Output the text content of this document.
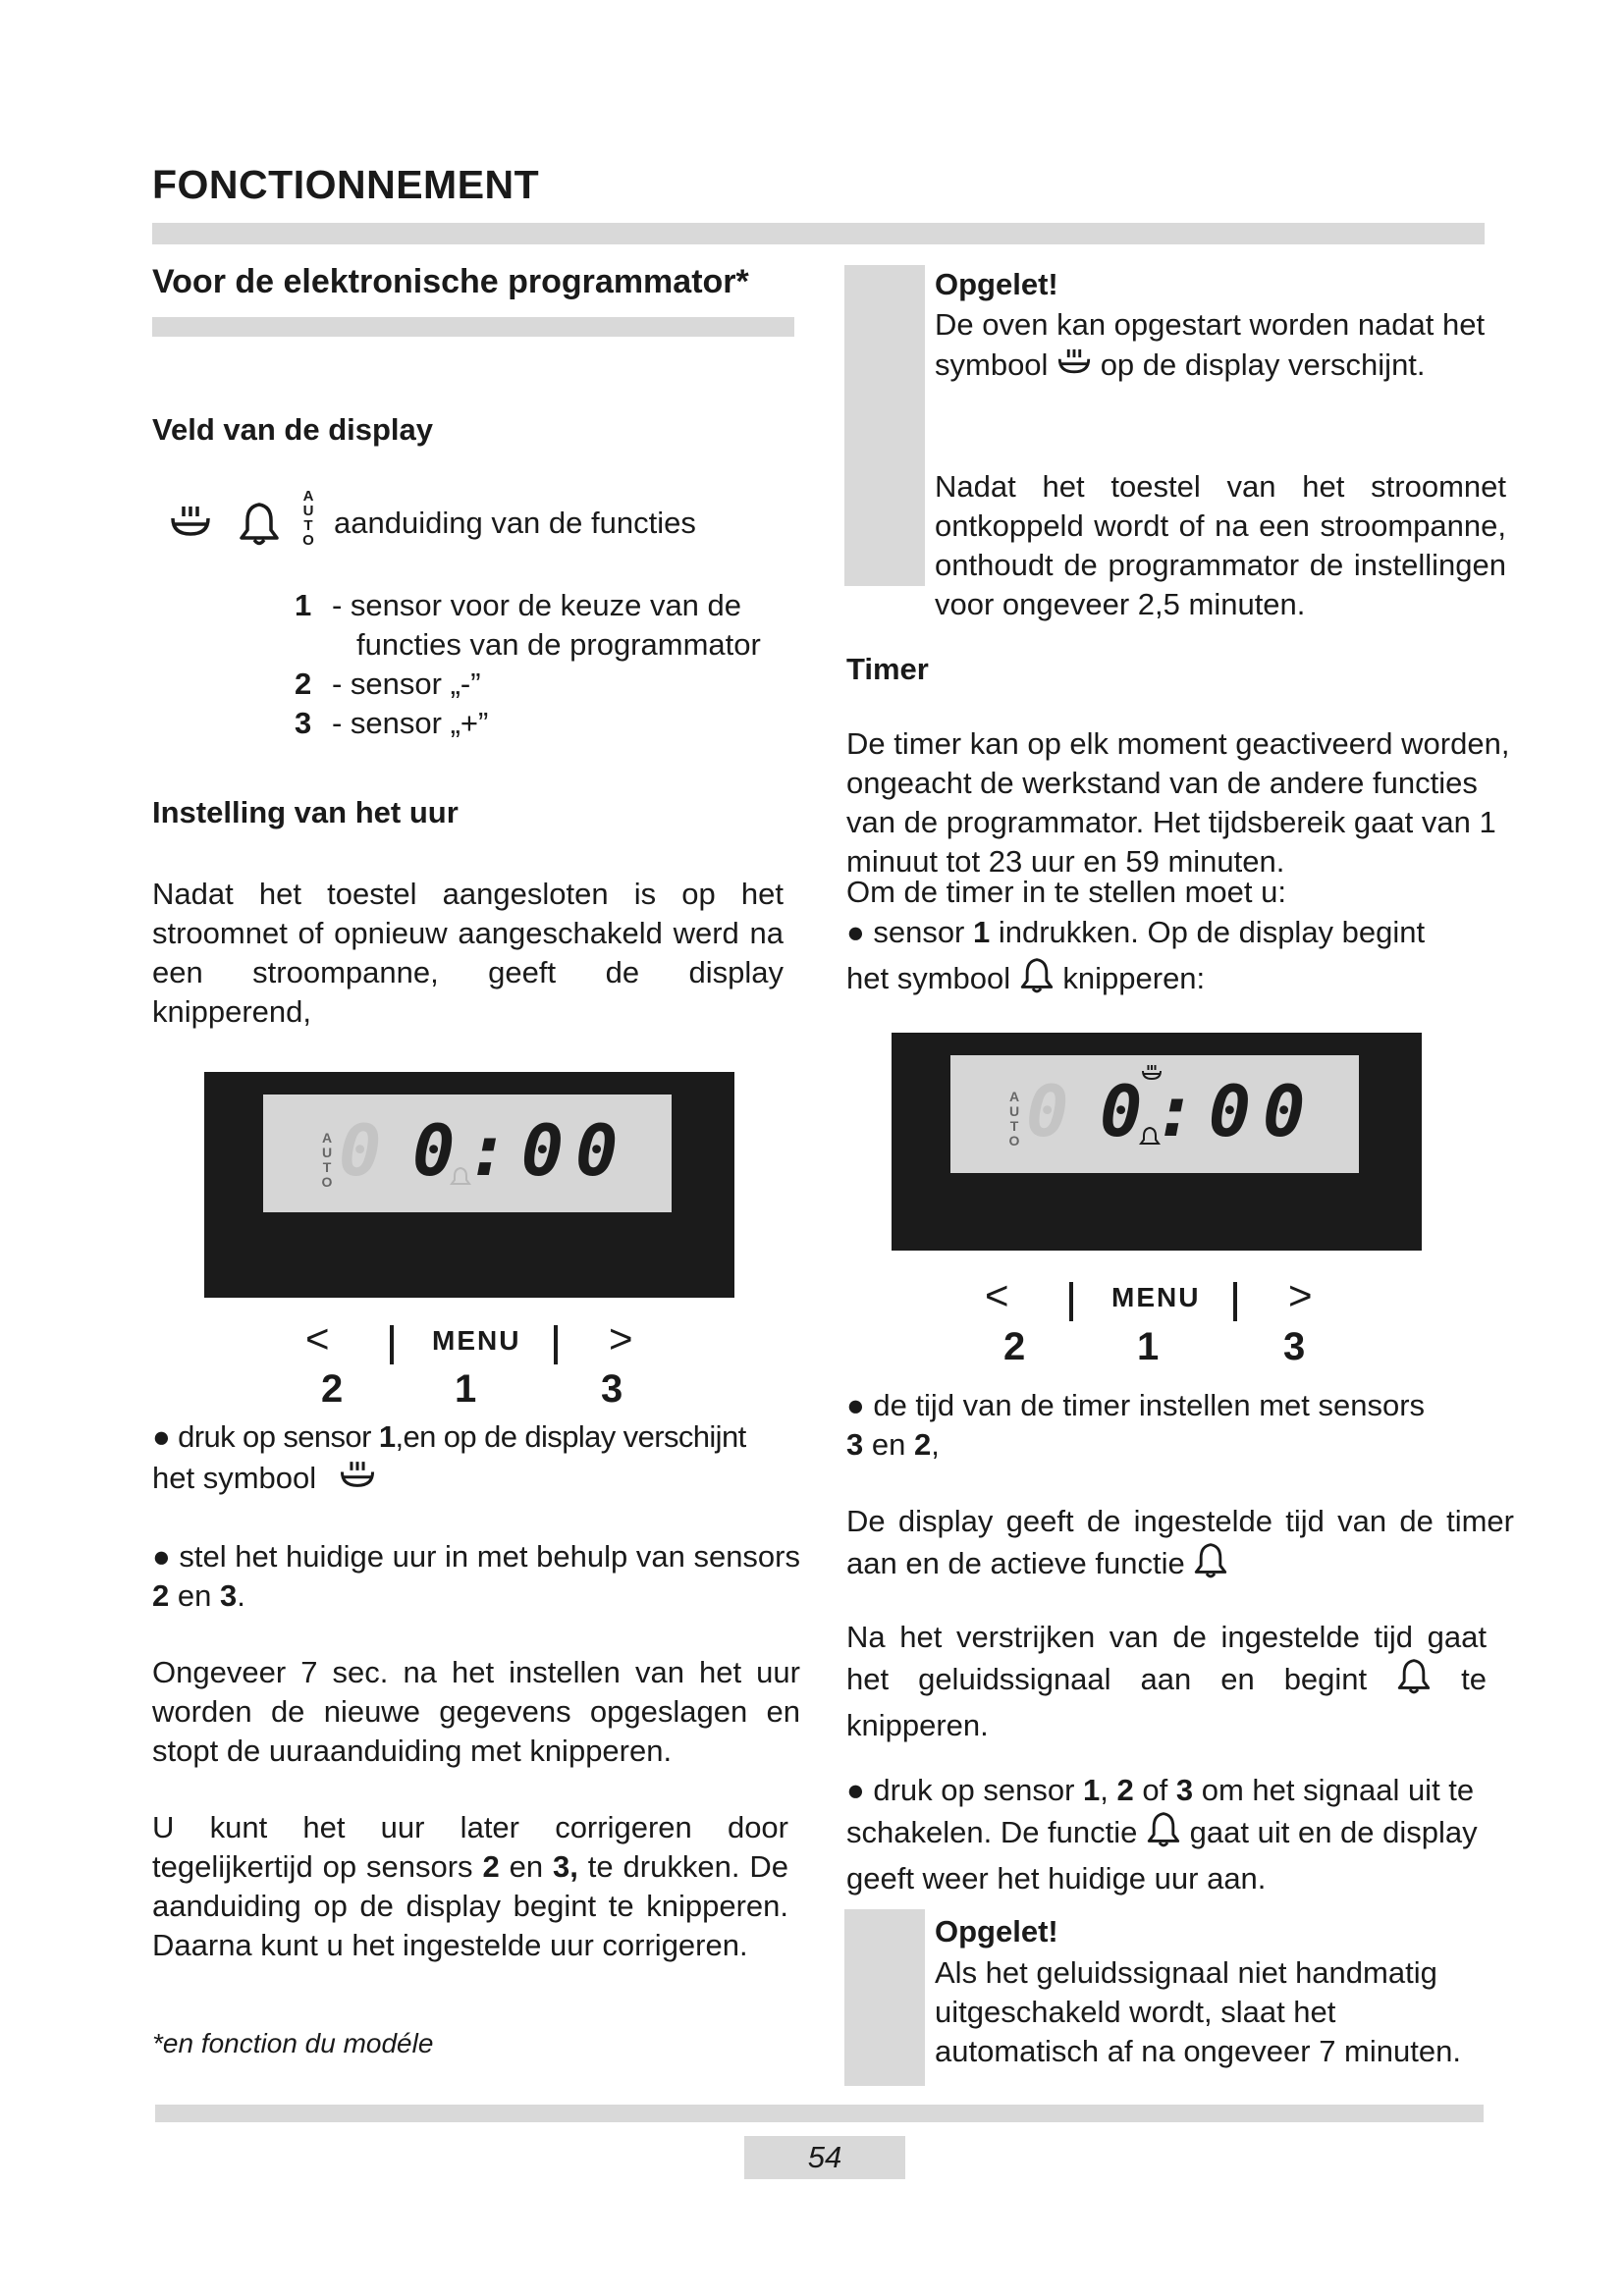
FONCTIONNEMENT
Voor de elektronische programmator*
Veld van de display
A
U
T
O
aanduiding van de functies
1 - sensor voor de keuze van de
functies van de programmator
2 - sensor „-”
3 - sensor „+”
Instelling van het uur
Nadat het toestel aangesloten is op het stroomnet of opnieuw aangeschakeld werd na een stroompanne, geeft de display knipperend,
A
U
T
O 0 0:00
<	MENU >
2	1	3
● druk op sensor 1,en op de display verschijnt
het symbool
● stel het huidige uur in met behulp van sensors 2 en 3.
Ongeveer 7 sec. na het instellen van het uur worden de nieuwe gegevens opgeslagen en stopt de uuraanduiding met knipperen.
U kunt het uur later corrigeren door tegelijkertijd op sensors 2 en 3, te drukken. De aanduiding op de display begint te knipperen. Daarna kunt u het ingestelde uur corrigeren.
*en fonction du modéle
Opgelet!
De oven kan opgestart worden nadat het symbool op de display verschijnt.
Nadat het toestel van het stroomnet ontkoppeld wordt of na een stroompanne, onthoudt de programmator de instellingen voor ongeveer 2,5 minuten.
Timer
De timer kan op elk moment geactiveerd worden, ongeacht de werkstand van de andere functies van de programmator. Het tijdsbereik gaat van 1 minuut tot 23 uur en 59 minuten.
Om de timer in te stellen moet u:
● sensor 1 indrukken. Op de display begint
het symbool knipperen:
A
U
T
O 0 0:00
<	MENU >
2	1	3
● de tijd van de timer instellen met sensors
3 en 2,
De display geeft de ingestelde tijd van de timer aan en de actieve functie
Na het verstrijken van de ingestelde tijd gaat het geluidssignaal aan en begint	te knipperen.
● druk op sensor 1, 2 of 3 om het signaal uit te schakelen. De functie gaat uit en de display geeft weer het huidige uur aan.
Opgelet!
Als het geluidssignaal niet handmatig uitgeschakeld wordt, slaat het automatisch af na ongeveer 7 minuten.
54
